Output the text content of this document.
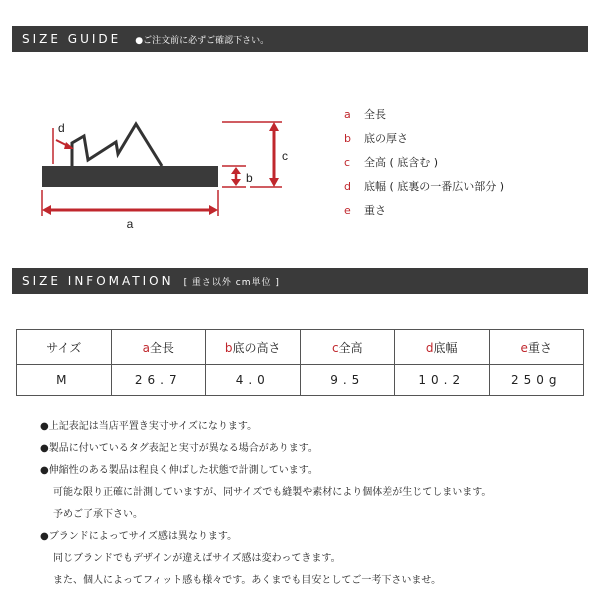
SIZE GUIDE ●ご注文前に必ずご確認下さい。
a
b
c
d
a 全長
b 底の厚さ
c 全高 ( 底含む )
d 底幅 ( 底裏の一番広い部分 )
e 重さ
SIZE INFOMATION [ 重さ以外 cm単位 ]
サイズ	a全長	b底の高さ	c全高	d底幅	e重さ
M	26.7	4.0	9.5	10.2	250g
●上記表記は当店平置き実寸サイズになります。
●製品に付いているタグ表記と実寸が異なる場合があります。
●伸縮性のある製品は程良く伸ばした状態で計測しています。
可能な限り正確に計測していますが、同サイズでも縫製や素材により個体差が生じてしまいます。
予めご了承下さい。
●ブランドによってサイズ感は異なります。
同じブランドでもデザインが違えばサイズ感は変わってきます。
また、個人によってフィット感も様々です。あくまでも目安としてご一考下さいませ。
